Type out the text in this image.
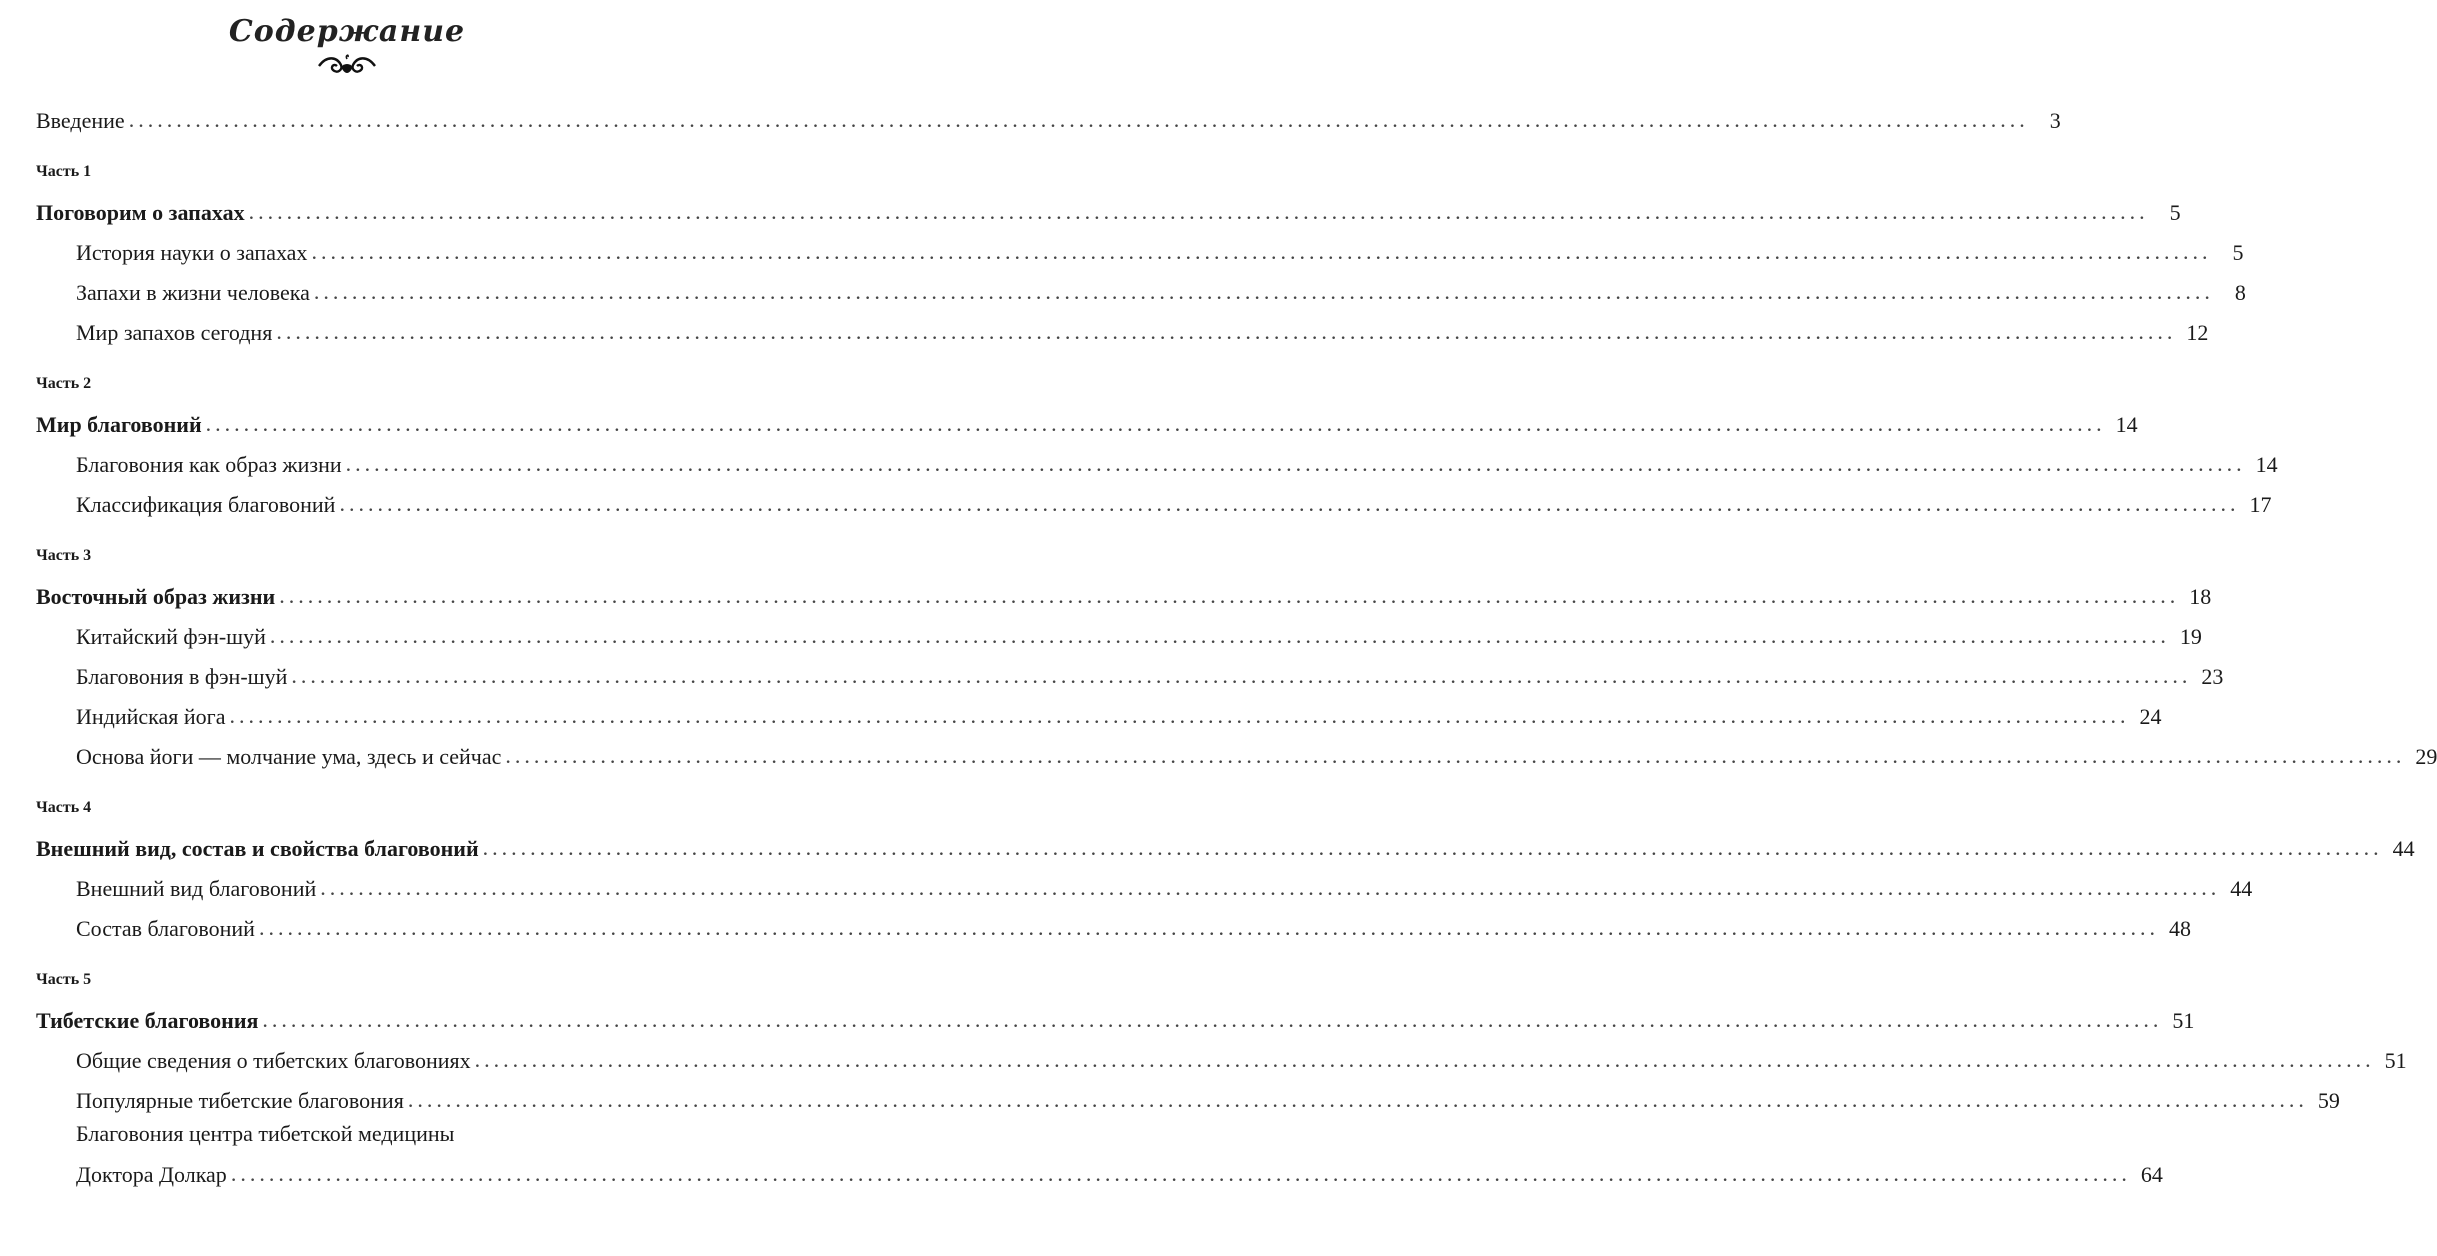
Содержание
Введение ........................................................................................................................................................................................................ 3
Часть 1
Поговорим о запахах ........................................................................................................................................................................................................ 5
История науки о запахах ........................................................................................................................................................................................................ 5
Запахи в жизни человека ........................................................................................................................................................................................................ 8
Мир запахов сегодня ........................................................................................................................................................................................................ 12
Часть 2
Мир благовоний ........................................................................................................................................................................................................ 14
Благовония как образ жизни ........................................................................................................................................................................................................ 14
Классификация благовоний ........................................................................................................................................................................................................ 17
Часть 3
Восточный образ жизни ........................................................................................................................................................................................................ 18
Китайский фэн-шуй ........................................................................................................................................................................................................ 19
Благовония в фэн-шуй ........................................................................................................................................................................................................ 23
Индийская йога ........................................................................................................................................................................................................ 24
Основа йоги — молчание ума, здесь и сейчас ........................................................................................................................................................................................................ 29
Часть 4
Внешний вид, состав и свойства благовоний ........................................................................................................................................................................................................ 44
Внешний вид благовоний ........................................................................................................................................................................................................ 44
Состав благовоний ........................................................................................................................................................................................................ 48
Часть 5
Тибетские благовония ........................................................................................................................................................................................................ 51
Общие сведения о тибетских благовониях ........................................................................................................................................................................................................ 51
Популярные тибетские благовония ........................................................................................................................................................................................................ 59
Благовония центра тибетской медицины
Доктора Долкар ........................................................................................................................................................................................................ 64
